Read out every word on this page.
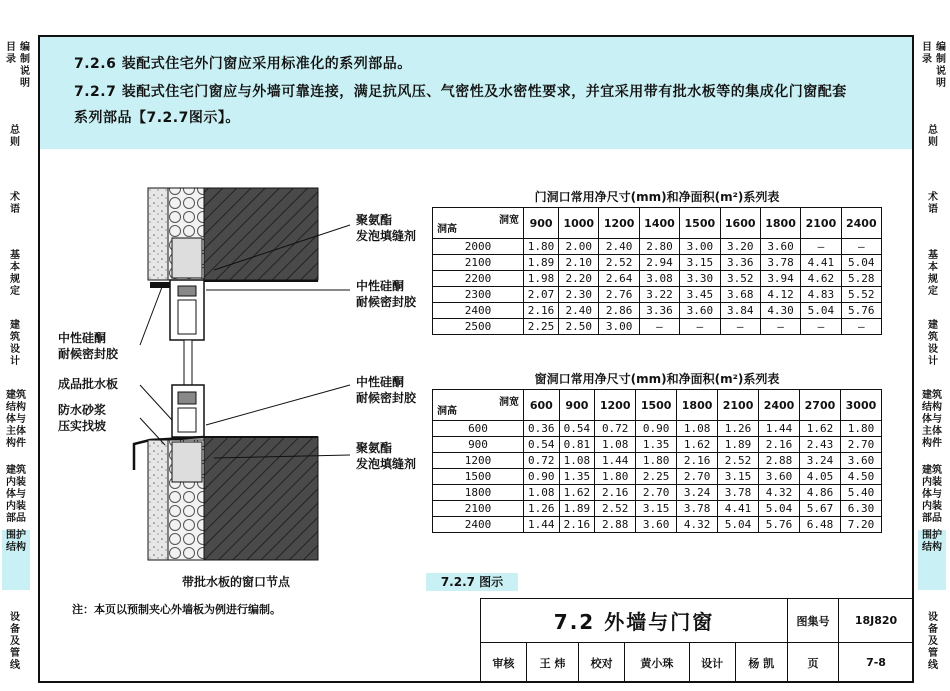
目录
编制说明
总则
术语
基本规定
建筑设计
建筑结构体与主体构件
建筑内装体与内装部品
围护结构
设备及管线
目录
编制说明
总则
术语
基本规定
建筑设计
建筑结构体与主体构件
建筑内装体与内装部品
围护结构
设备及管线

7.2.6 装配式住宅外门窗应采用标准化的系列部品。

7.2.7 装配式住宅门窗应与外墙可靠连接，满足抗风压、气密性及水密性要求，并宜采用带有批水板等的集成化门窗配套

系列部品【7.2.7图示】。

聚氨酯
发泡填缝剂
中性硅酮
耐候密封胶
中性硅酮
耐候密封胶
成品批水板
防水砂浆
压实找坡
中性硅酮
耐候密封胶
聚氨酯
发泡填缝剂
带批水板的窗口节点
门洞口常用净尺寸(mm)和净面积(m²)系列表
洞宽
洞高	900	1000	1200	1400	1500	1600	1800	2100	2400
2000	1.80	2.00	2.40	2.80	3.00	3.20	3.60	–	–
2100	1.89	2.10	2.52	2.94	3.15	3.36	3.78	4.41	5.04
2200	1.98	2.20	2.64	3.08	3.30	3.52	3.94	4.62	5.28
2300	2.07	2.30	2.76	3.22	3.45	3.68	4.12	4.83	5.52
2400	2.16	2.40	2.86	3.36	3.60	3.84	4.30	5.04	5.76
2500	2.25	2.50	3.00	–	–	–	–	–	–
窗洞口常用净尺寸(mm)和净面积(m²)系列表
洞宽
洞高	600	900	1200	1500	1800	2100	2400	2700	3000
600	0.36	0.54	0.72	0.90	1.08	1.26	1.44	1.62	1.80
900	0.54	0.81	1.08	1.35	1.62	1.89	2.16	2.43	2.70
1200	0.72	1.08	1.44	1.80	2.16	2.52	2.88	3.24	3.60
1500	0.90	1.35	1.80	2.25	2.70	3.15	3.60	4.05	4.50
1800	1.08	1.62	2.16	2.70	3.24	3.78	4.32	4.86	5.40
2100	1.26	1.89	2.52	3.15	3.78	4.41	5.04	5.67	6.30
2400	1.44	2.16	2.88	3.60	4.32	5.04	5.76	6.48	7.20
7.2.7 图示
注：本页以预制夹心外墙板为例进行编制。
7.2 外墙与门窗						图集号	18J820
审核	王 炜	校对	黄小珠	设计	杨 凯	页	7-8
